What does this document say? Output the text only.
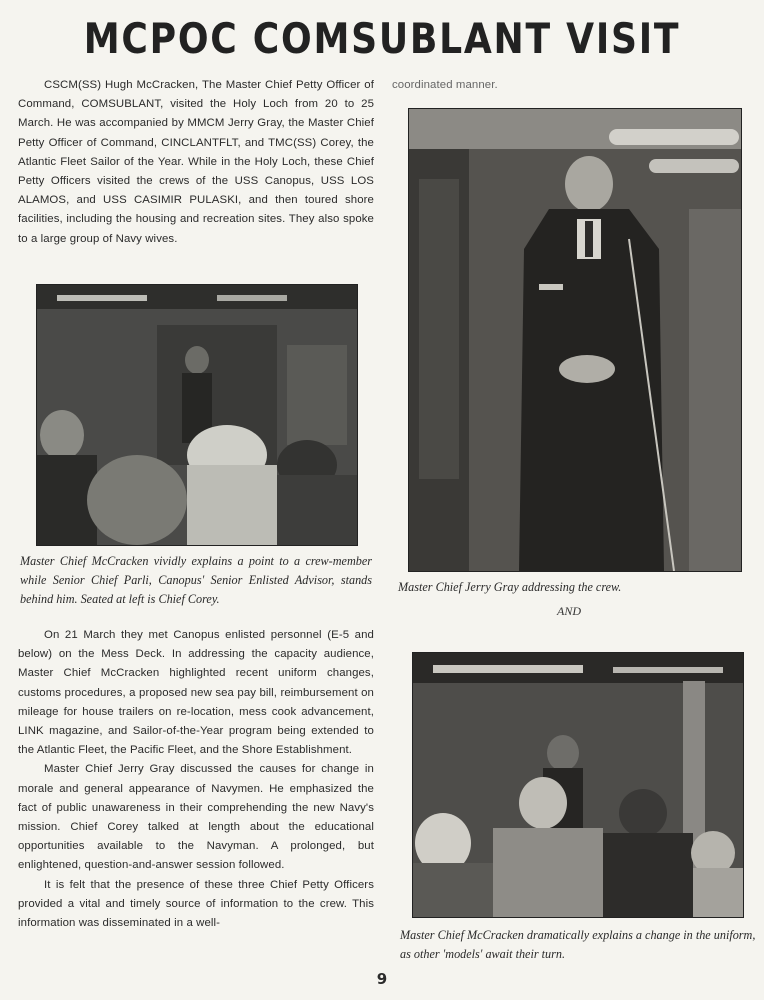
MCPOC COMSUBLANT VISIT

CSCM(SS) Hugh McCracken, The Master Chief Petty Officer of Command, COMSUBLANT, visited the Holy Loch from 20 to 25 March. He was accompanied by MMCM Jerry Gray, the Master Chief Petty Officer of Command, CINCLANTFLT, and TMC(SS) Corey, the Atlantic Fleet Sailor of the Year. While in the Holy Loch, these Chief Petty Officers visited the crews of the USS Canopus, USS LOS ALAMOS, and USS CASIMIR PULASKI, and then toured shore facilities, including the housing and recreation sites. They also spoke to a large group of Navy wives.

Master Chief McCracken vividly explains a point to a crew-member while Senior Chief Parli, Canopus' Senior Enlisted Advisor, stands behind him. Seated at left is Chief Corey.

On 21 March they met Canopus enlisted personnel (E-5 and below) on the Mess Deck. In addressing the capacity audience, Master Chief McCracken highlighted recent uniform changes, customs procedures, a proposed new sea pay bill, reimbursement on mileage for house trailers on re-location, mess cook advancement, LINK magazine, and Sailor-of-the-Year program being extended to the Atlantic Fleet, the Pacific Fleet, and the Shore Establishment.

Master Chief Jerry Gray discussed the causes for change in morale and general appearance of Navymen. He emphasized the fact of public unawareness in their comprehending the new Navy's mission. Chief Corey talked at length about the educational opportunities available to the Navyman. A prolonged, but enlightened, question-and-answer session followed.

It is felt that the presence of these three Chief Petty Officers provided a vital and timely source of information to the crew. This information was disseminated in a well-

coordinated manner.

Master Chief Jerry Gray addressing the crew.
AND
Master Chief McCracken dramatically explains a change in the uniform, as other 'models' await their turn.
9
